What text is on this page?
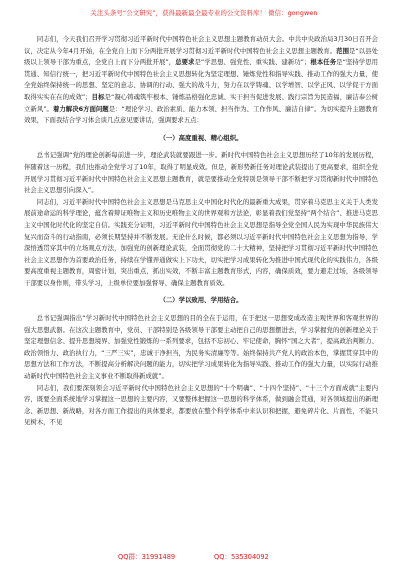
关注头条号“公文研究”，获得最新最全最专业的公文资料库！ 微信：gongwen

同志们，今天我们召开学习贯彻习近平新时代中国特色社会主义思想主题教育动员大会。中共中央政治局3月30日召开会议，决定从今年4月开始，在全党自上而下分两批开展学习贯彻习近平新时代中国特色社会主义思想主题教育。范围是“以县处级以上领导干部为重点，全党自上而下分两批开展”，总要求是“学思想、强党性、重实践、建新功”；根本任务是“坚持学思用贯通、知信行统一，把习近平新时代中国特色社会主义思想转化为坚定理想、锤炼党性和指导实践、推动工作的强大力量，使全党始终保持统一的思想、坚定的意志、协调的行动、强大的战斗力，努力在以学铸魂、以学增智、以学正风、以学促干方面取得实实在在的成效”；目标是“凝心铸魂筑牢根本、锤炼品格强化忠诚、实干担当促进发展、践行宗旨为民造福、廉洁奉公树立新风”。着力解决6方面问题是：“理论学习、政治素质、能力本领、担当作为、工作作风、廉洁自律”。为切实提升主题教育效果，下面我结合学习体会谈几点意见要讲话，强调要求五点：

（一）高度重视、精心组织。

总书记强调“党的理论创新每前进一步，理论武装就要跟进一步。新时代中国特色社会主义思想历经了10年的发展历程，伴随着这一历程，我们也推动全党学习了10年，取得了明显成效。但是，新形势新任务对理论武装提出了更高要求，组织全党开展学习贯彻习近平新时代中国特色社会主义思想主题教育，就是要推动全党特别是领导干部不断把学习贯彻新时代中国特色社会主义思想引向深入”。

同志们，习近平新时代中国特色社会主义思想是马克思主义中国化时代化的最新重大成果，贯穿着马克思主义关于人类发展前途命运的科学理论，蕴含着辩证唯物主义和历史唯物主义的世界观和方法论，彰显着我们党坚持“两个结合”、推进马克思主义中国化时代化的坚定自信。实践充分证明，习近平新时代中国特色社会主义思想是指导全党全国人民为实现中华民族伟大复兴而奋斗的行动指南，必须长期坚持并不断发展。无论什么时候，都必须以习近平新时代中国特色社会主义思想为指导，学深悟透贯穿其中的立场观点方法，加强党的创新理论武装，全面贯彻党的二十大精神，坚持把学习贯彻习近平新时代中国特色社会主义思想作为首要政治任务，持续在学懂弄通做实上下功夫，切实把学习成果转化为推进中国式现代化的实践伟力，各级要高度重视主题教育，周密计划，突出重点，抓出实效，不断丰富主题教育形式，内容，确保质效，要力避走过场，各级领导干部要以身作则，带头学习，上级单位要加强督导、确保主题教育质效。

（二）学以致用、学用结合。

总书记强调指出“学习新时代中国特色社会主义思想的目的全在于运用，在于把这一思想变成改造主观世界和客观世界的强大思想武器。在这次主题教育中，党员、干部特别是各级领导干部要主动把自己的思想摆进去，学习掌握党的创新理论关于坚定理想信念、提升思想境界、加强党性锻炼的一系列要求，包括不忘初心、牢记使命，胸怀“国之大者”，提高政治判断力、政治领悟力、政治执行力，“三严三实”，忠诚干净担当，为民务实清廉等等。始终保持共产党人的政治本色，掌握贯穿其中的思想方法和工作方法，不断提高分析解决问题的能力，切实把学习成果转化为指导实践、推动工作的强大力量，以实际行动推动新时代中国特色社会主义事业不断取得新成就”。

同志们，我们要深刻领会习近平新时代中国特色社会主义思想的“十个明确”、“十四个坚持”、“十三个方面成就”主要内容，既要全面系统地学习掌握这一思想的主要内容，又要整体把握这一思想的科学体系，做到融会贯通，对各领域提出的新理念、新思想、新战略，对各方面工作提出的具体要求，都要放在整个科学体系中来认识和把握，避免碎片化、片面性，不能只见树木，不见

QQ群：31991489	QQ：535304092
